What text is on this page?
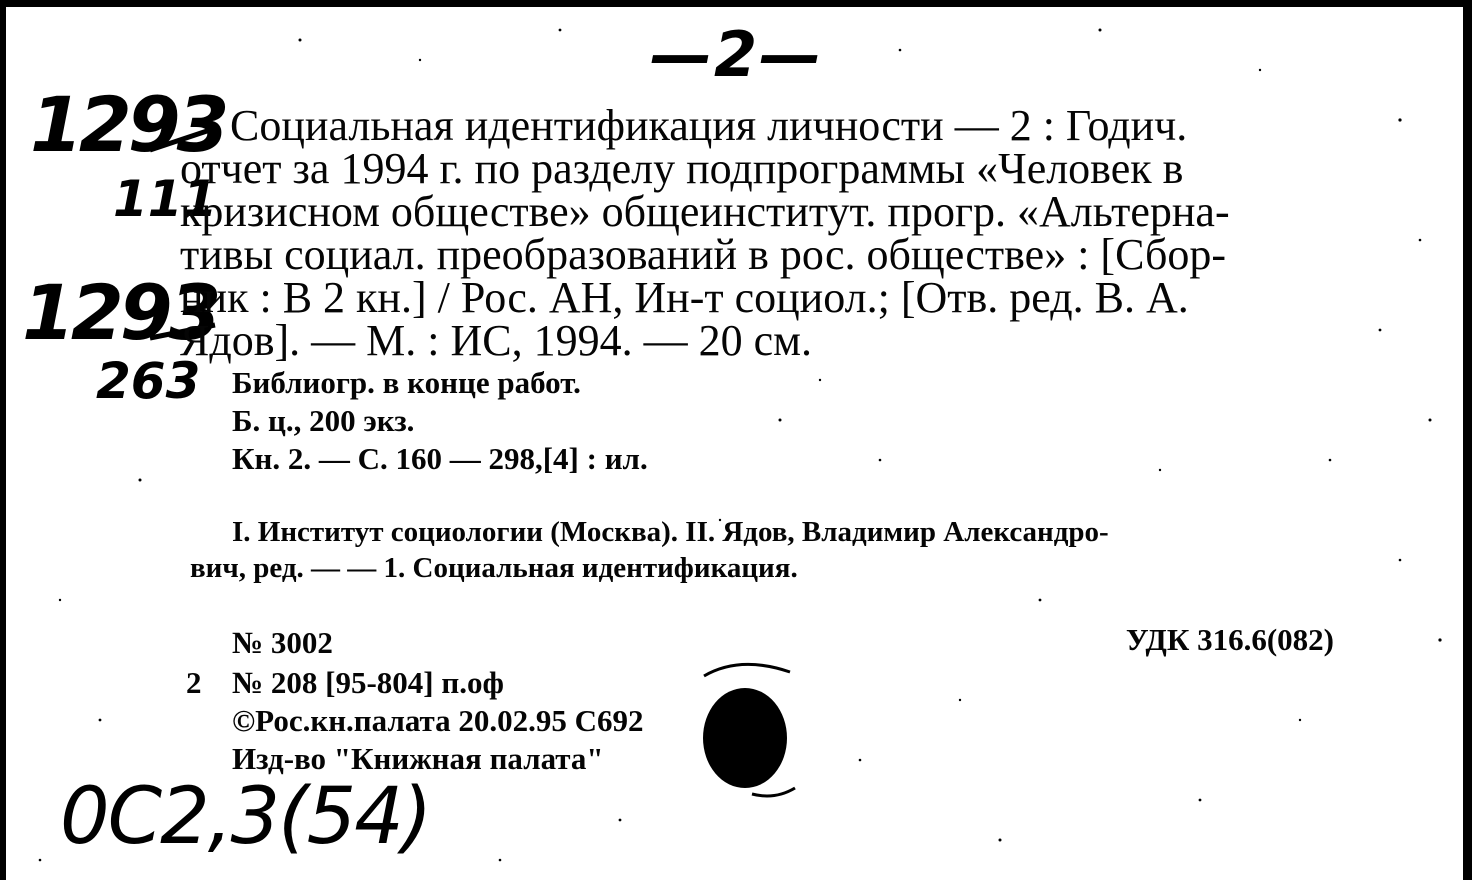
—2—
1293
111
1293
263
Социальная идентификация личности — 2 : Годич.
отчет за 1994 г. по разделу подпрограммы «Человек в
кризисном обществе» общеинститут. прогр. «Альтерна-
тивы социал. преобразований в рос. обществе» : [Сбор-
ник : В 2 кн.] / Рос. АН, Ин-т социол.; [Отв. ред. В. А.
Ядов]. — М. : ИС, 1994. — 20 см.
Библиогр. в конце работ.
Б. ц., 200 экз.
Кн. 2. — С. 160 — 298,[4] : ил.
I. Институт социологии (Москва). II. Ядов, Владимир Александро-
вич, ред. — — 1. Социальная идентификация.
№ 3002	УДК 316.6(082)
2 № 208 [95-804] п.оф
©Рос.кн.палата 20.02.95 С692
Изд-во "Книжная палата"
0С2,3(54)
